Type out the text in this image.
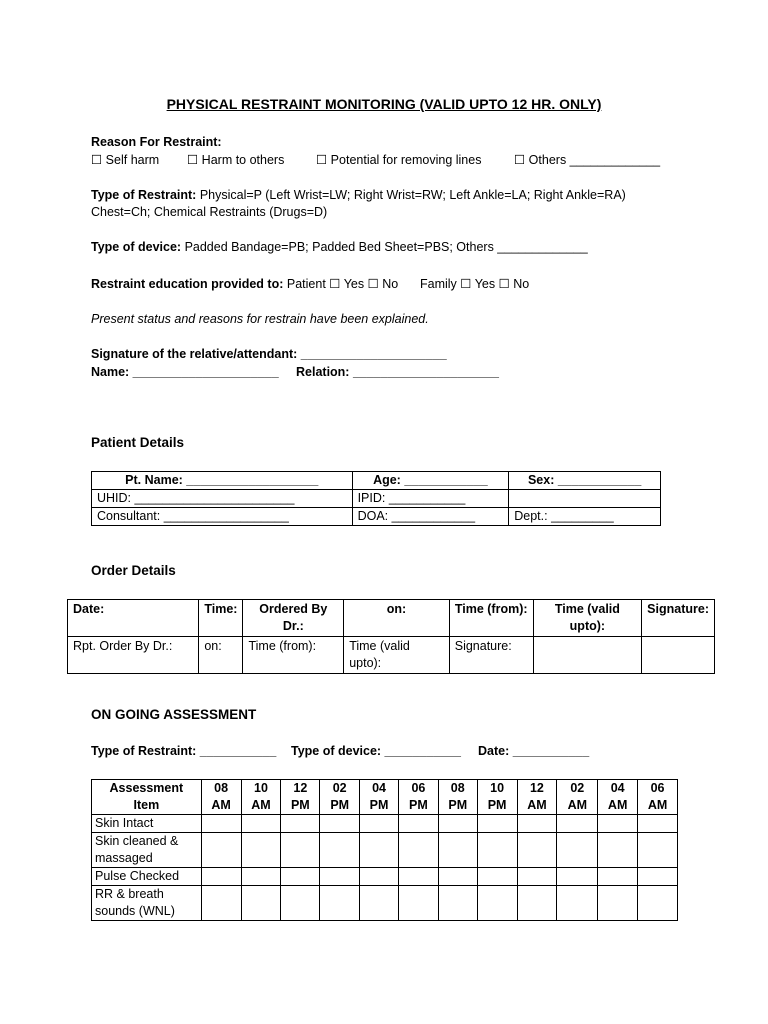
PHYSICAL RESTRAINT MONITORING (VALID UPTO 12 HR. ONLY)
Reason For Restraint:
☐ Self harm ☐ Harm to others	☐ Potential for removing lines	☐ Others _____________
Type of Restraint: Physical=P (Left Wrist=LW; Right Wrist=RW; Left Ankle=LA; Right Ankle=RA)
Chest=Ch; Chemical Restraints (Drugs=D)
Type of device: Padded Bandage=PB; Padded Bed Sheet=PBS; Others _____________
Restraint education provided to: Patient ☐ Yes ☐ No Family ☐ Yes ☐ No
Present status and reasons for restrain have been explained.
Signature of the relative/attendant: _____________________
Name: _____________________ Relation: _____________________
Patient Details
Pt. Name: ___________________	Age: ____________	Sex: ____________
UHID: _______________________	IPID: ___________	
Consultant: __________________	DOA: ____________	Dept.: _________
Order Details
Date:	Time:	Ordered By Dr.:	on:	Time (from):	Time (valid upto):	Signature:
Rpt. Order By Dr.:	on:	Time (from):	Time (valid upto):	Signature:		
ON GOING ASSESSMENT
Type of Restraint: ___________ Type of device: ___________ Date: ___________
Assessment Item	08 AM	10 AM	12 PM	02 PM	04 PM	06 PM	08 PM	10 PM	12 AM	02 AM	04 AM	06 AM
Skin Intact												
Skin cleaned & massaged												
Pulse Checked												
RR & breath sounds (WNL)												
